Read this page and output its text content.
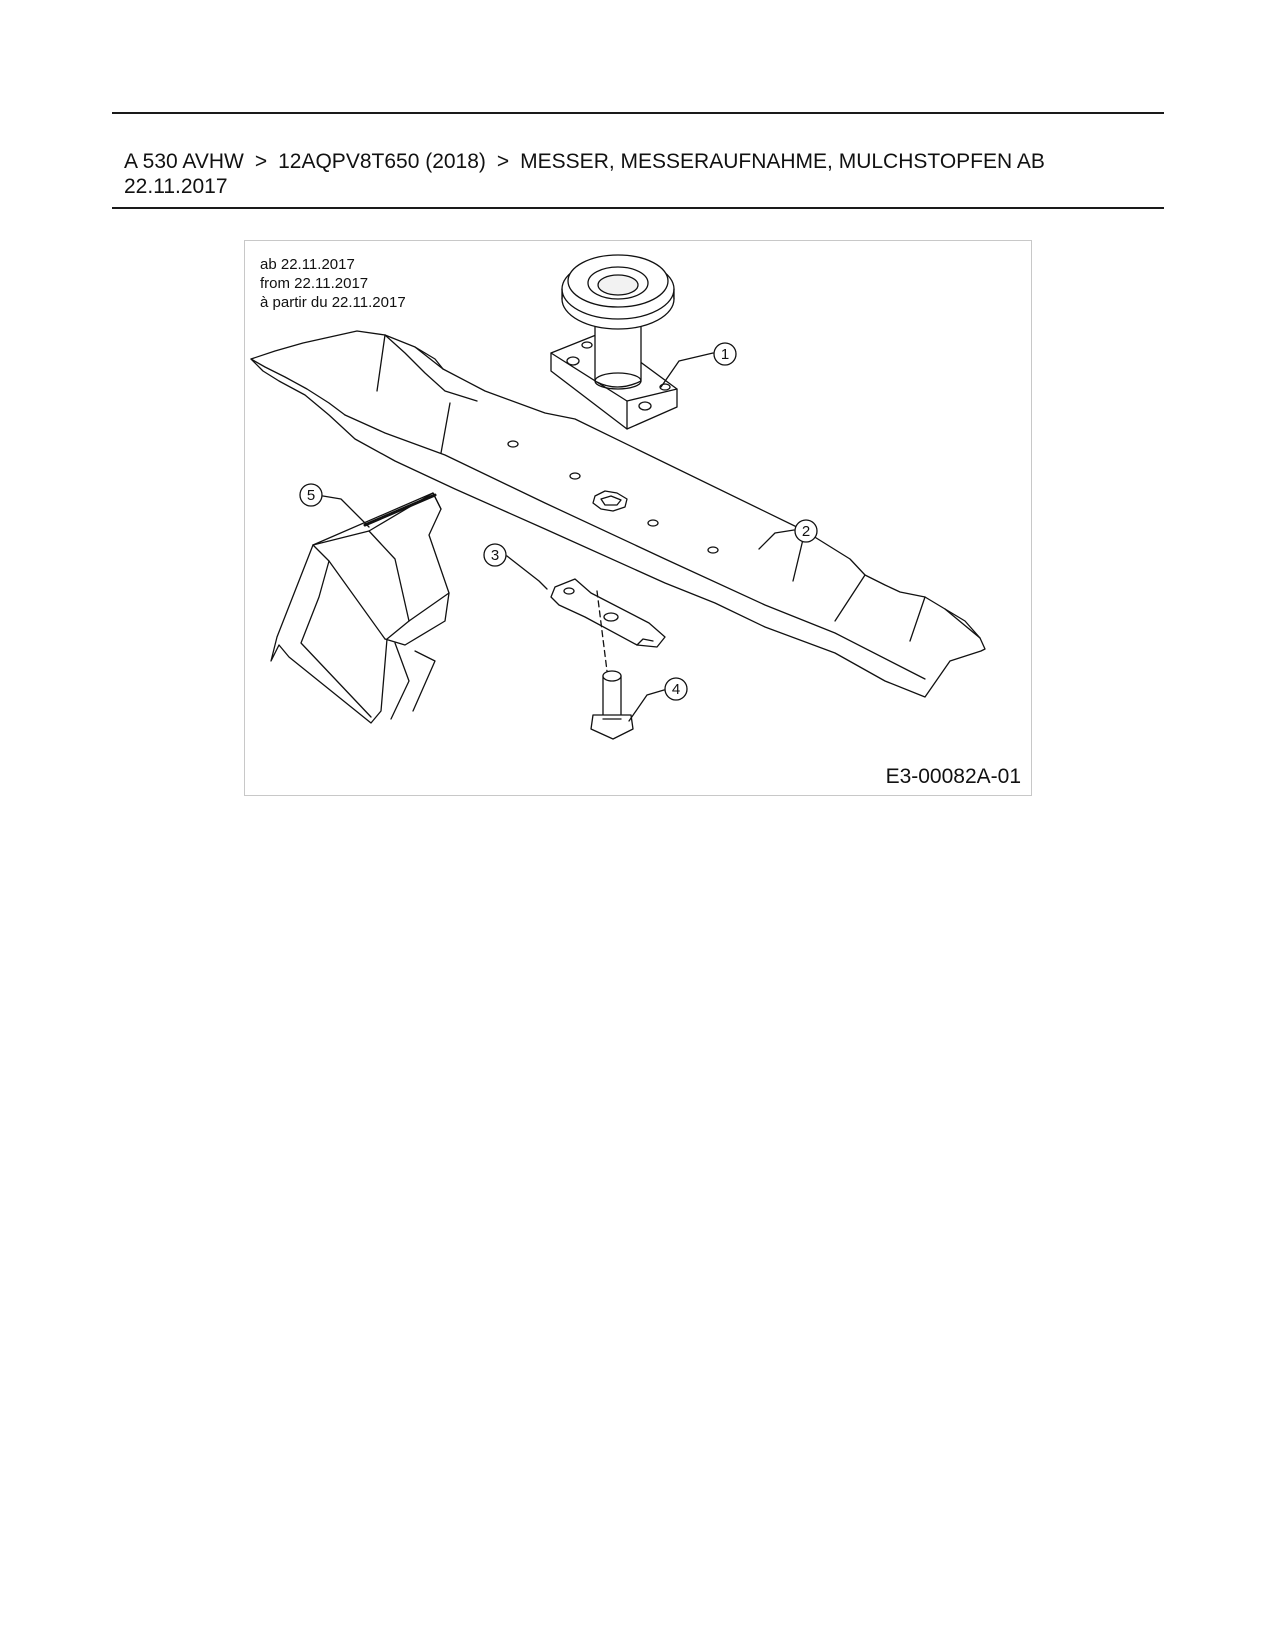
A 530 AVHW > 12AQPV8T650 (2018) > MESSER, MESSERAUFNAHME, MULCHSTOPFEN AB
22.11.2017
1
2
3
4
5
ab 22.11.2017
from 22.11.2017
à partir du 22.11.2017
E3-00082A-01
